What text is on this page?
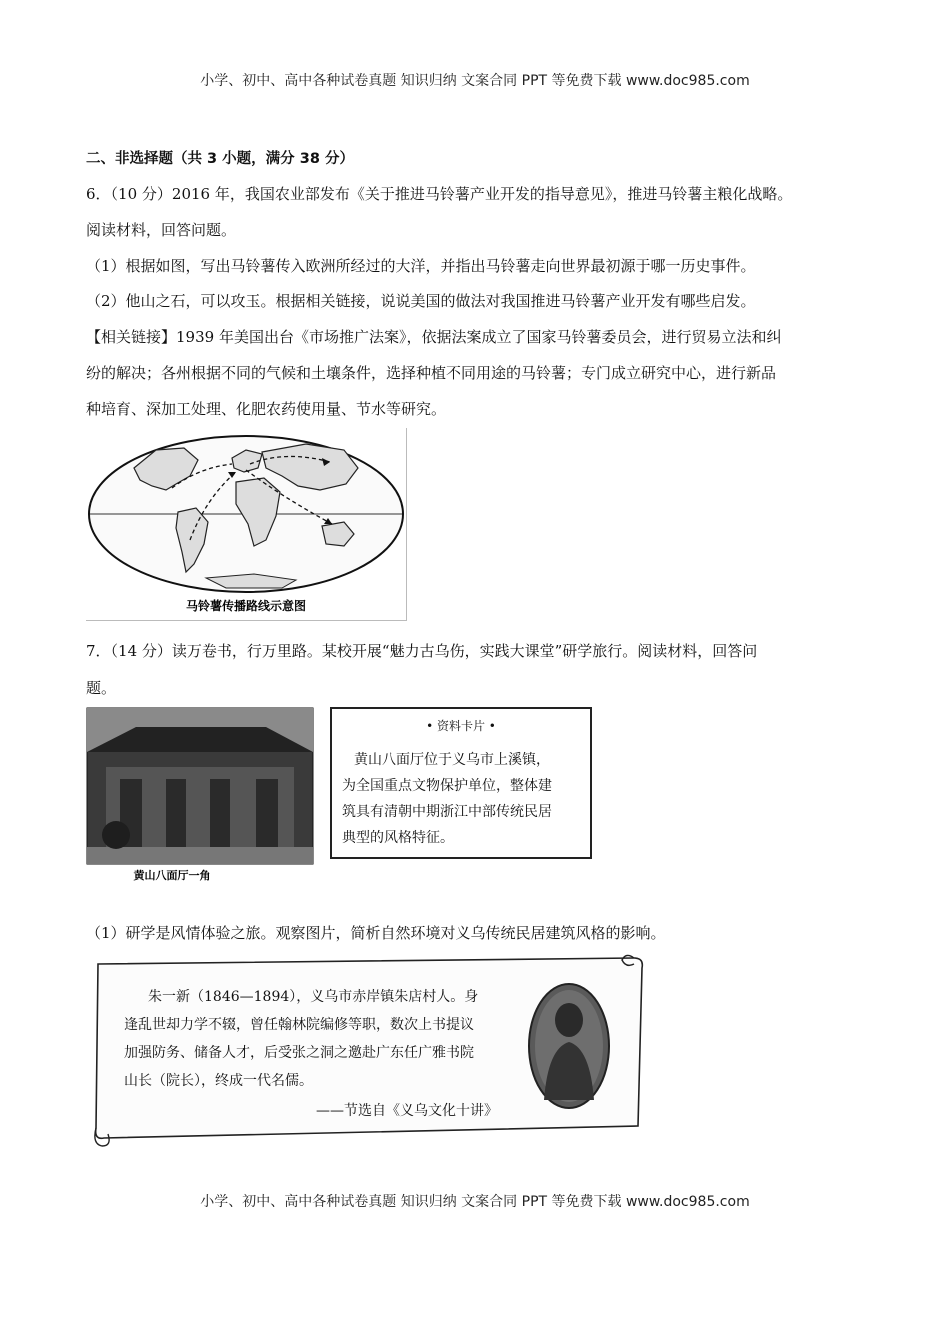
小学、初中、高中各种试卷真题 知识归纳 文案合同 PPT 等免费下载 www.doc985.com
二、非选择题（共 3 小题，满分 38 分）
6．（10 分）2016 年，我国农业部发布《关于推进马铃薯产业开发的指导意见》，推进马铃薯主粮化战略。
阅读材料，回答问题。
（1）根据如图，写出马铃薯传入欧洲所经过的大洋，并指出马铃薯走向世界最初源于哪一历史事件。
（2）他山之石，可以攻玉。根据相关链接，说说美国的做法对我国推进马铃薯产业开发有哪些启发。
【相关链接】1939 年美国出台《市场推广法案》，依据法案成立了国家马铃薯委员会，进行贸易立法和纠
纷的解决；各州根据不同的气候和土壤条件，选择种植不同用途的马铃薯；专门成立研究中心，进行新品
种培育、深加工处理、化肥农药使用量、节水等研究。
马铃薯传播路线示意图
7．（14 分）读万卷书，行万里路。某校开展“魅力古乌伤，实践大课堂”研学旅行。阅读材料，回答问
题。
黄山八面厅一角
• 资料卡片 •
黄山八面厅位于义乌市上溪镇，
为全国重点文物保护单位，整体建
筑具有清朝中期浙江中部传统民居
典型的风格特征。
（1）研学是风情体验之旅。观察图片，简析自然环境对义乌传统民居建筑风格的影响。
朱一新（1846—1894），义乌市赤岸镇朱店村人。身
逢乱世却力学不辍，曾任翰林院编修等职，数次上书提议
加强防务、储备人才，后受张之洞之邀赴广东任广雅书院
山长（院长），终成一代名儒。
——节选自《义乌文化十讲》
小学、初中、高中各种试卷真题 知识归纳 文案合同 PPT 等免费下载 www.doc985.com
